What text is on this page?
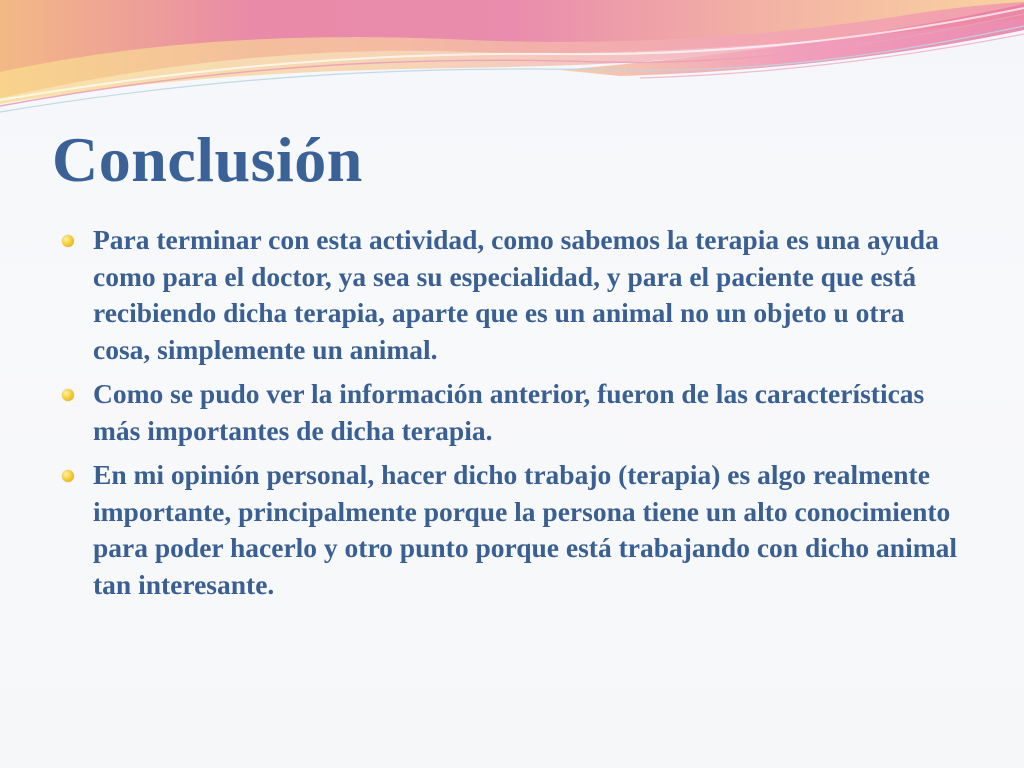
Conclusión
Para terminar con esta actividad, como sabemos la terapia es una ayuda como para el doctor, ya sea su especialidad, y para el paciente que está recibiendo dicha terapia, aparte que es un animal no un objeto u otra cosa, simplemente un animal.
Como se pudo ver la información anterior, fueron de las características más importantes de dicha terapia.
En mi opinión personal, hacer dicho trabajo (terapia) es algo realmente importante, principalmente porque la persona tiene un alto conocimiento para poder hacerlo y otro punto porque está trabajando con dicho animal tan interesante.
